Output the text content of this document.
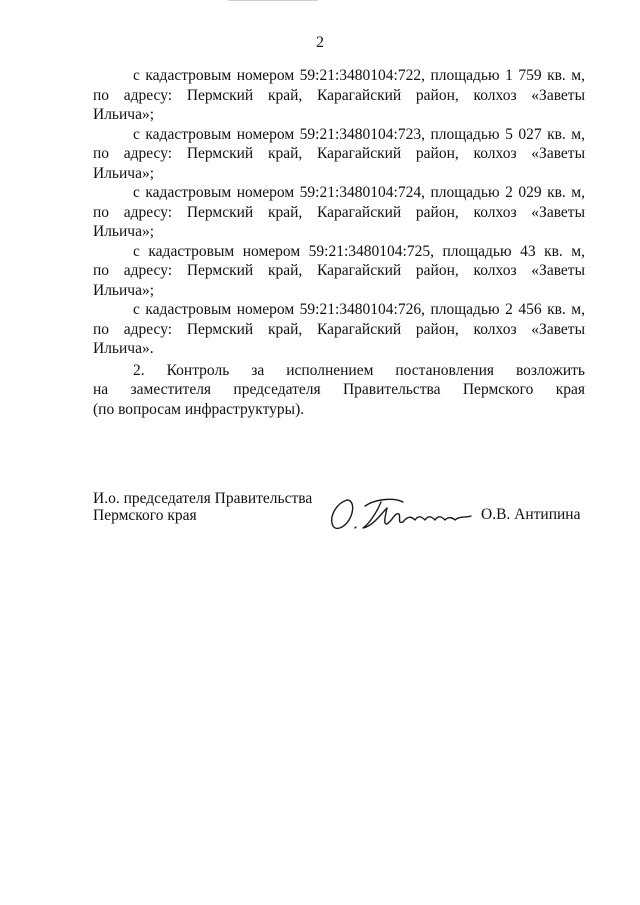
2
с кадастровым номером 59:21:3480104:722, площадью 1 759 кв. м,
по адресу: Пермский край, Карагайский район, колхоз «Заветы
Ильича»;
с кадастровым номером 59:21:3480104:723, площадью 5 027 кв. м,
по адресу: Пермский край, Карагайский район, колхоз «Заветы
Ильича»;
с кадастровым номером 59:21:3480104:724, площадью 2 029 кв. м,
по адресу: Пермский край, Карагайский район, колхоз «Заветы
Ильича»;
с кадастровым номером 59:21:3480104:725, площадью 43 кв. м,
по адресу: Пермский край, Карагайский район, колхоз «Заветы
Ильича»;
с кадастровым номером 59:21:3480104:726, площадью 2 456 кв. м,
по адресу: Пермский край, Карагайский район, колхоз «Заветы
Ильича».
2. Контроль за исполнением постановления возложить
на заместителя председателя Правительства Пермского края
(по вопросам инфраструктуры).
И.о. председателя Правительства
Пермского края	О.В. Антипина
